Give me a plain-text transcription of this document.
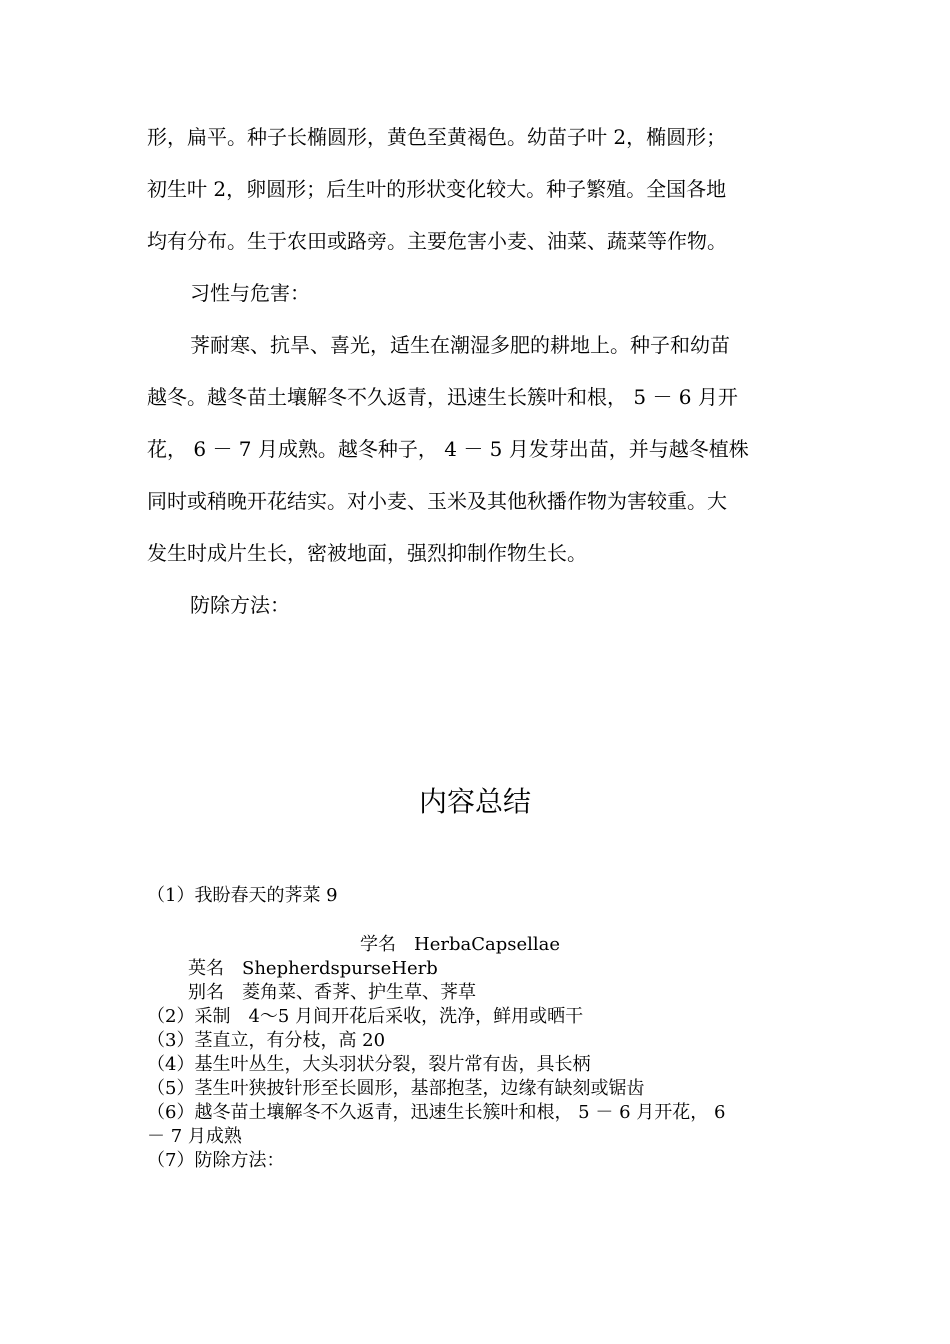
形，扁平。种子长椭圆形，黄色至黄褐色。幼苗子叶 2，椭圆形；
初生叶 2，卵圆形；后生叶的形状变化较大。种子繁殖。全国各地
均有分布。生于农田或路旁。主要危害小麦、油菜、蔬菜等作物。
习性与危害：
荠耐寒、抗旱、喜光，适生在潮湿多肥的耕地上。种子和幼苗
越冬。越冬苗土壤解冬不久返青，迅速生长簇叶和根， 5 － 6 月开
花， 6 － 7 月成熟。越冬种子， 4 － 5 月发芽出苗，并与越冬植株
同时或稍晚开花结实。对小麦、玉米及其他秋播作物为害较重。大
发生时成片生长，密被地面，强烈抑制作物生长。
防除方法：
内容总结
（1）我盼春天的荠菜 9
学名　HerbaCapsellae
英名　ShepherdspurseHerb
别名　菱角菜、香荠、护生草、荠草
（2）采制　4～5 月间开花后采收，洗净，鲜用或晒干
（3）茎直立，有分枝，高 20
（4）基生叶丛生，大头羽状分裂，裂片常有齿，具长柄
（5）茎生叶狭披针形至长圆形，基部抱茎，边缘有缺刻或锯齿
（6）越冬苗土壤解冬不久返青，迅速生长簇叶和根， 5 － 6 月开花， 6
－ 7 月成熟
（7）防除方法：
